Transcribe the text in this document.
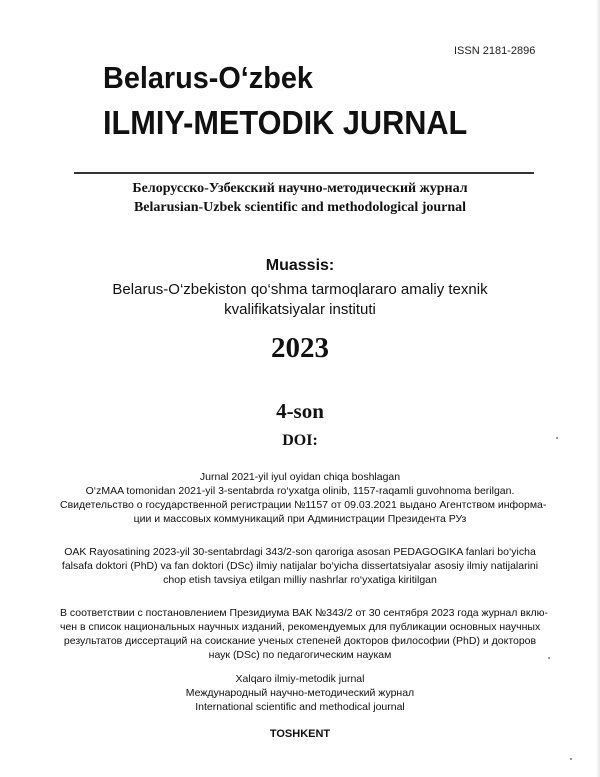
ISSN 2181-2896
Belarus-O‘zbek
ILMIY-METODIK JURNAL
Белорусско-Узбекский научно-методический журнал
Belarusian-Uzbek scientific and methodological journal
Muassis:
Belarus-O‘zbekiston qo‘shma tarmoqlararo amaliy texnik
kvalifikatsiyalar instituti
2023
4-son
DOI:
Jurnal 2021-yil iyul oyidan chiqa boshlagan
O‘zMAA tomonidan 2021-yil 3-sentabrda ro‘yxatga olinib, 1157-raqamli guvohnoma berilgan.
Свидетельство о государственной регистрации №1157 от 09.03.2021 выдано Агентством информа-
ции и массовых коммуникаций при Администрации Президента РУз
OAK Rayosatining 2023-yil 30-sentabrdagi 343/2-son qaroriga asosan PEDAGOGIKA fanlari bo‘yicha
falsafa doktori (PhD) va fan doktori (DSc) ilmiy natijalar bo‘yicha dissertatsiyalar asosiy ilmiy natijalarini
chop etish tavsiya etilgan milliy nashrlar ro‘yxatiga kiritilgan
В соответствии с постановлением Президиума ВАК №343/2 от 30 сентября 2023 года журнал вклю-
чен в список национальных научных изданий, рекомендуемых для публикации основных научных
результатов диссертаций на соискание ученых степеней докторов философии (PhD) и докторов
наук (DSc) по педагогическим наукам
Xalqaro ilmiy-metodik jurnal
Международный научно-методический журнал
International scientific and methodical journal
TOSHKENT
